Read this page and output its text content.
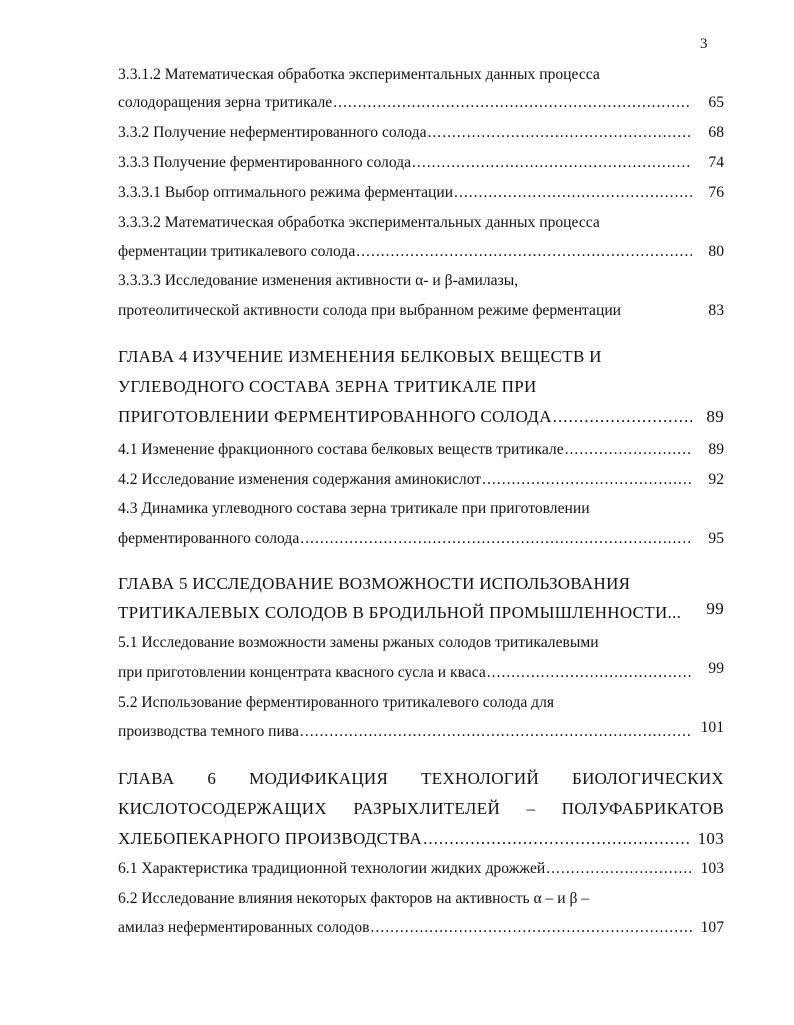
3
3.3.1.2 Математическая обработка экспериментальных данных процесса
солодоращения зерна тритикале .....	65
3.3.2 Получение неферментированного солода .....	68
3.3.3 Получение ферментированного солода .....	74
3.3.3.1 Выбор оптимального режима ферментации .....	76
3.3.3.2 Математическая обработка экспериментальных данных процесса
ферментации тритикалевого солода .....	80
3.3.3.3 Исследование изменения активности α- и β-амилазы,
протеолитической активности солода при выбранном режиме ферментации	83
ГЛАВА 4 ИЗУЧЕНИЕ ИЗМЕНЕНИЯ БЕЛКОВЫХ ВЕЩЕСТВ И
УГЛЕВОДНОГО СОСТАВА ЗЕРНА ТРИТИКАЛЕ ПРИ
ПРИГОТОВЛЕНИИ ФЕРМЕНТИРОВАННОГО СОЛОДА .....	89
4.1 Изменение фракционного состава белковых веществ тритикале .....	89
4.2 Исследование изменения содержания аминокислот .....	92
4.3 Динамика углеводного состава зерна тритикале при приготовлении
ферментированного солода .....	95
ГЛАВА 5 ИССЛЕДОВАНИЕ ВОЗМОЖНОСТИ ИСПОЛЬЗОВАНИЯ
ТРИТИКАЛЕВЫХ СОЛОДОВ В БРОДИЛЬНОЙ ПРОМЫШЛЕННОСТИ...	99
5.1 Исследование возможности замены ржаных солодов тритикалевыми
при приготовлении концентрата квасного сусла и кваса .....	99
5.2 Использование ферментированного тритикалевого солода для
производства темного пива .....	101
ГЛАВА 6 МОДИФИКАЦИЯ ТЕХНОЛОГИЙ БИОЛОГИЧЕСКИХ
КИСЛОТОСОДЕРЖАЩИХ РАЗРЫХЛИТЕЛЕЙ – ПОЛУФАБРИКАТОВ
ХЛЕБОПЕКАРНОГО ПРОИЗВОДСТВА .....	103
6.1 Характеристика традиционной технологии жидких дрожжей .....	103
6.2 Исследование влияния некоторых факторов на активность α – и β –
амилаз неферментированных солодов .....	107
